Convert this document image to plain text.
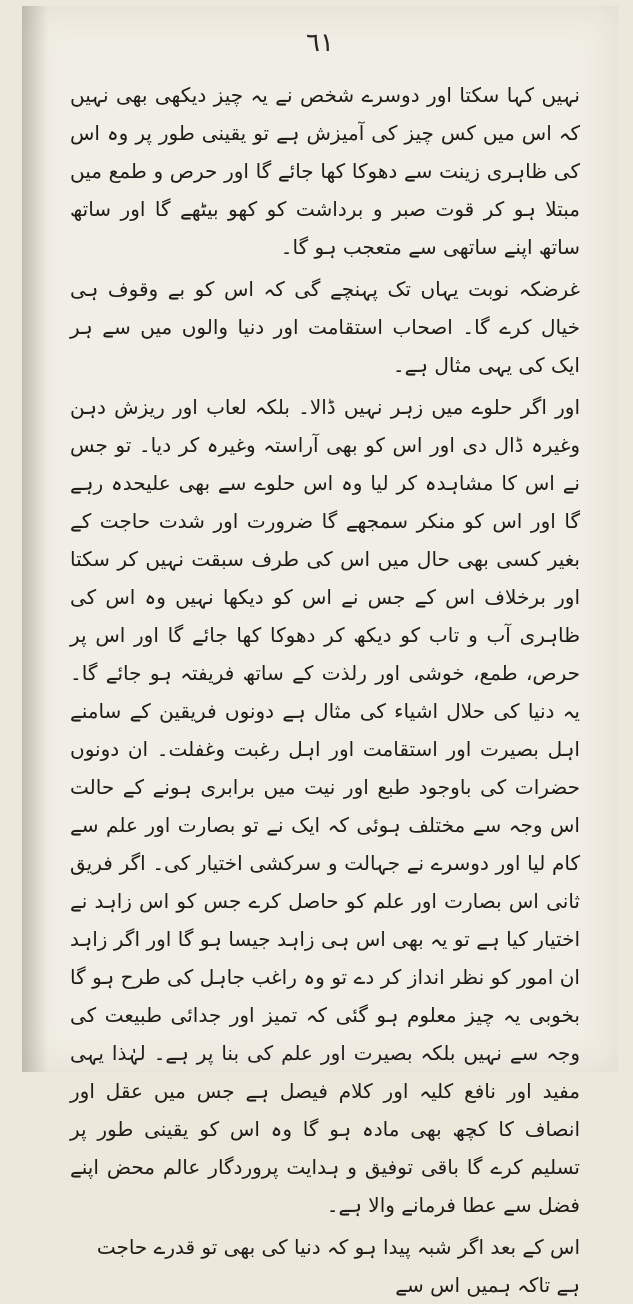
٦١

نہیں کہا سکتا اور دوسرے شخص نے یہ چیز دیکھی بھی نہیں کہ اس میں کس چیز کی آمیزش ہے تو یقینی طور پر وہ اس کی ظاہری زینت سے دھوکا کھا جائے گا اور حرص و طمع میں مبتلا ہو کر قوت صبر و برداشت کو کھو بیٹھے گا اور ساتھ ساتھ اپنے ساتھی سے متعجب ہو گا۔

غرضکہ نوبت یہاں تک پہنچے گی کہ اس کو بے وقوف ہی خیال کرے گا۔ اصحاب استقامت اور دنیا والوں میں سے ہر ایک کی یہی مثال ہے۔

اور اگر حلوے میں زہر نہیں ڈالا۔ بلکہ لعاب اور ریزش دہن وغیرہ ڈال دی اور اس کو بھی آراستہ وغیرہ کر دیا۔ تو جس نے اس کا مشاہدہ کر لیا وہ اس حلوے سے بھی علیحدہ رہے گا اور اس کو منکر سمجھے گا ضرورت اور شدت حاجت کے بغیر کسی بھی حال میں اس کی طرف سبقت نہیں کر سکتا اور برخلاف اس کے جس نے اس کو دیکھا نہیں وہ اس کی ظاہری آب و تاب کو دیکھ کر دھوکا کھا جائے گا اور اس پر حرص، طمع، خوشی اور رلذت کے ساتھ فریفتہ ہو جائے گا۔ یہ دنیا کی حلال اشیاء کی مثال ہے دونوں فریقین کے سامنے اہل بصیرت اور استقامت اور اہل رغبت وغفلت۔ ان دونوں حضرات کی باوجود طبع اور نیت میں برابری ہونے کے حالت اس وجہ سے مختلف ہوئی کہ ایک نے تو بصارت اور علم سے کام لیا اور دوسرے نے جہالت و سرکشی اختیار کی۔ اگر فریق ثانی اس بصارت اور علم کو حاصل کرے جس کو اس زاہد نے اختیار کیا ہے تو یہ بھی اس ہی زاہد جیسا ہو گا اور اگر زاہد ان امور کو نظر انداز کر دے تو وہ راغب جاہل کی طرح ہو گا بخوبی یہ چیز معلوم ہو گئی کہ تمیز اور جدائی طبیعت کی وجہ سے نہیں بلکہ بصیرت اور علم کی بنا پر ہے۔ لہٰذا یہی مفید اور نافع کلیہ اور کلام فیصل ہے جس میں عقل اور انصاف کا کچھ بھی مادہ ہو گا وہ اس کو یقینی طور پر تسلیم کرے گا باقی توفیق و ہدایت پروردگار عالم محض اپنے فضل سے عطا فرمانے والا ہے۔

اس کے بعد اگر شبہ پیدا ہو کہ دنیا کی بھی تو قدرے حاجت ہے تاکہ ہمیں اس سے
